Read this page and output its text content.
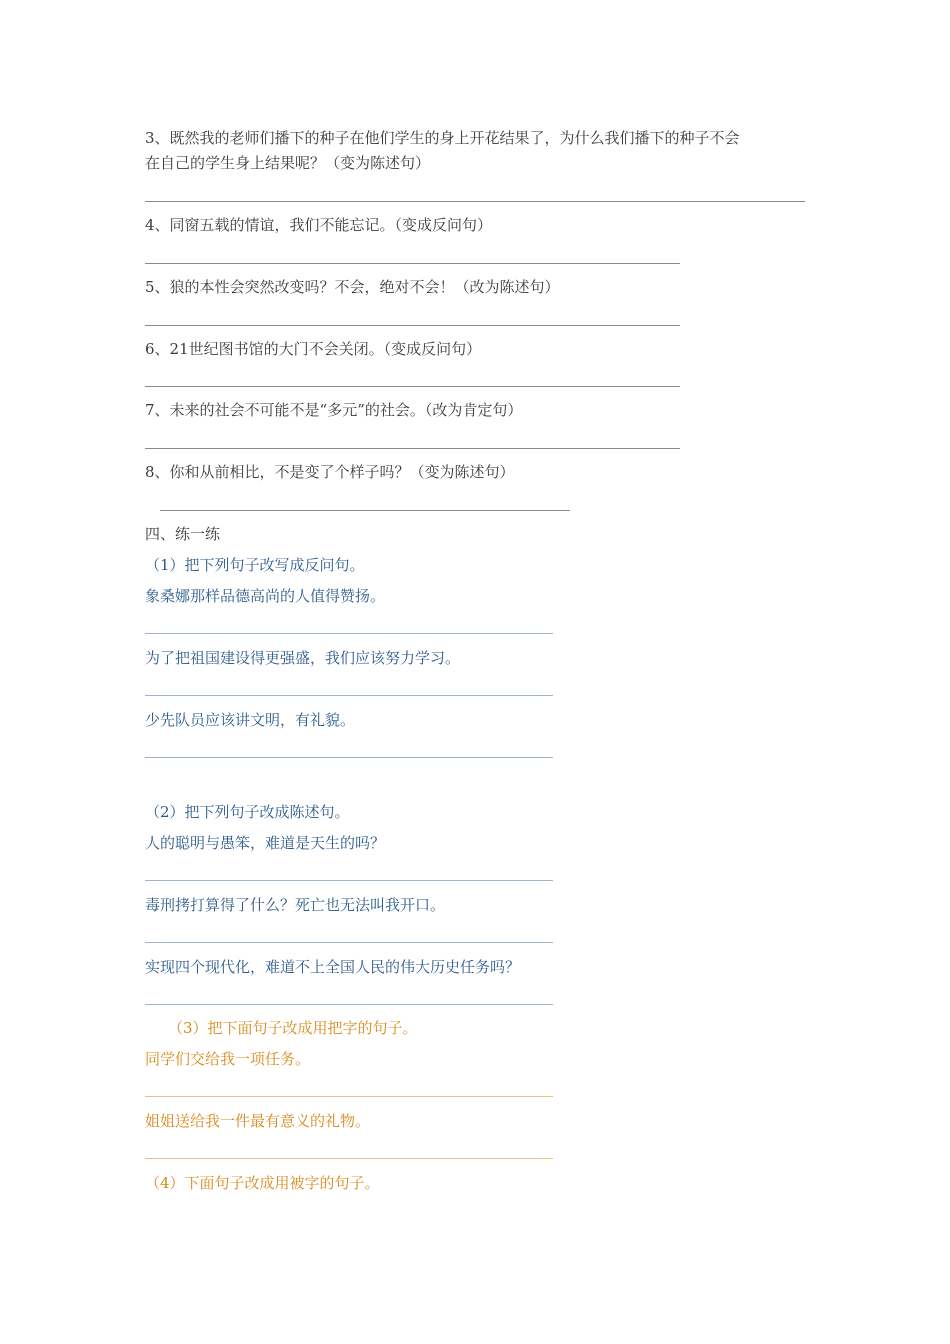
3、既然我的老师们播下的种子在他们学生的身上开花结果了，为什么我们播下的种子不会
在自己的学生身上结果呢？（变为陈述句）
4、同窗五载的情谊，我们不能忘记。（变成反问句）
5、狼的本性会突然改变吗？不会，绝对不会！（改为陈述句）
6、21世纪图书馆的大门不会关闭。（变成反问句）
7、未来的社会不可能不是“多元”的社会。（改为肯定句）
8、你和从前相比，不是变了个样子吗？（变为陈述句）
四、练一练
（1）把下列句子改写成反问句。
象桑娜那样品德高尚的人值得赞扬。
为了把祖国建设得更强盛，我们应该努力学习。
少先队员应该讲文明，有礼貌。
（2）把下列句子改成陈述句。
人的聪明与愚笨，难道是天生的吗？
毒刑拷打算得了什么？死亡也无法叫我开口。
实现四个现代化，难道不上全国人民的伟大历史任务吗？
（3）把下面句子改成用把字的句子。
同学们交给我一项任务。
姐姐送给我一件最有意义的礼物。
（4）下面句子改成用被字的句子。
